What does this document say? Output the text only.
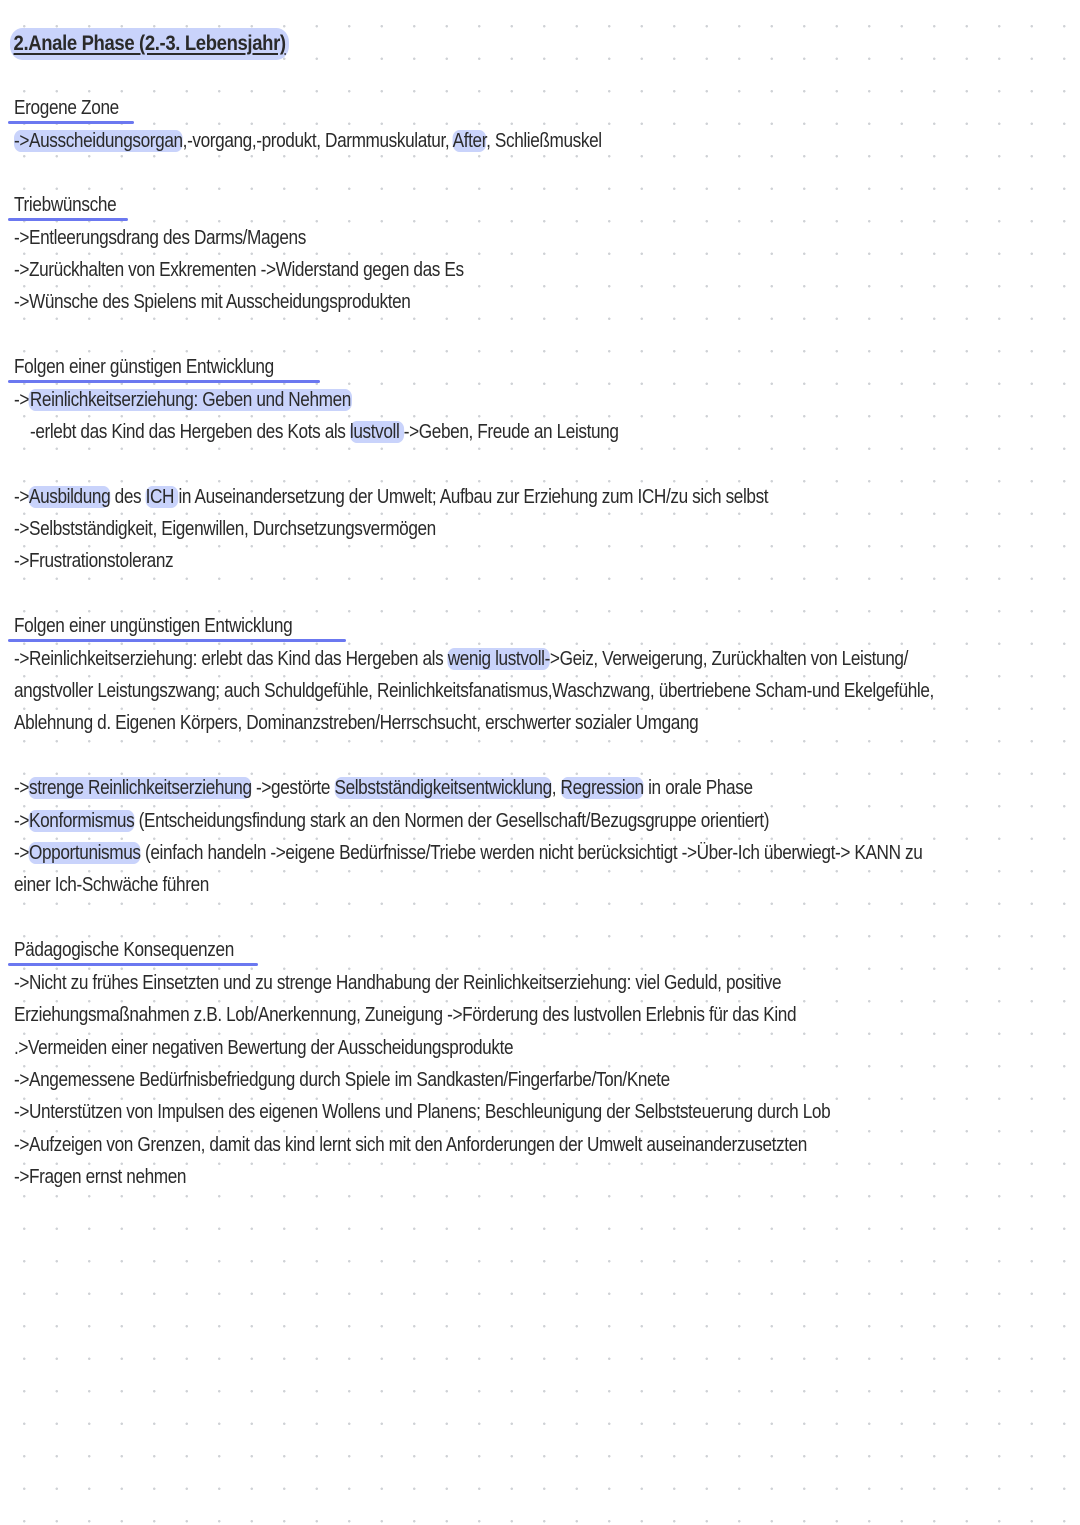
2.Anale Phase (2.-3. Lebensjahr)
Erogene Zone
->Ausscheidungsorgan,-vorgang,-produkt, Darmmuskulatur, After, Schließmuskel
Triebwünsche
->Entleerungsdrang des Darms/Magens
->Zurückhalten von Exkrementen ->Widerstand gegen das Es
->Wünsche des Spielens mit Ausscheidungsprodukten
Folgen einer günstigen Entwicklung
->Reinlichkeitserziehung: Geben und Nehmen
-erlebt das Kind das Hergeben des Kots als lustvoll ->Geben, Freude an Leistung
->Ausbildung des ICH in Auseinandersetzung der Umwelt; Aufbau zur Erziehung zum ICH/zu sich selbst
->Selbstständigkeit, Eigenwillen, Durchsetzungsvermögen
->Frustrationstoleranz
Folgen einer ungünstigen Entwicklung
->Reinlichkeitserziehung: erlebt das Kind das Hergeben als wenig lustvoll->Geiz, Verweigerung, Zurückhalten von Leistung/
angstvoller Leistungszwang; auch Schuldgefühle, Reinlichkeitsfanatismus,Waschzwang, übertriebene Scham-und Ekelgefühle,
Ablehnung d. Eigenen Körpers, Dominanzstreben/Herrschsucht, erschwerter sozialer Umgang
->strenge Reinlichkeitserziehung ->gestörte Selbstständigkeitsentwicklung, Regression in orale Phase
->Konformismus (Entscheidungsfindung stark an den Normen der Gesellschaft/Bezugsgruppe orientiert)
->Opportunismus (einfach handeln ->eigene Bedürfnisse/Triebe werden nicht berücksichtigt ->Über-Ich überwiegt-> KANN zu
einer Ich-Schwäche führen
Pädagogische Konsequenzen
->Nicht zu frühes Einsetzten und zu strenge Handhabung der Reinlichkeitserziehung: viel Geduld, positive
Erziehungsmaßnahmen z.B. Lob/Anerkennung, Zuneigung ->Förderung des lustvollen Erlebnis für das Kind
.>Vermeiden einer negativen Bewertung der Ausscheidungsprodukte
->Angemessene Bedürfnisbefriedgung durch Spiele im Sandkasten/Fingerfarbe/Ton/Knete
->Unterstützen von Impulsen des eigenen Wollens und Planens; Beschleunigung der Selbststeuerung durch Lob
->Aufzeigen von Grenzen, damit das kind lernt sich mit den Anforderungen der Umwelt auseinanderzusetzten
->Fragen ernst nehmen
